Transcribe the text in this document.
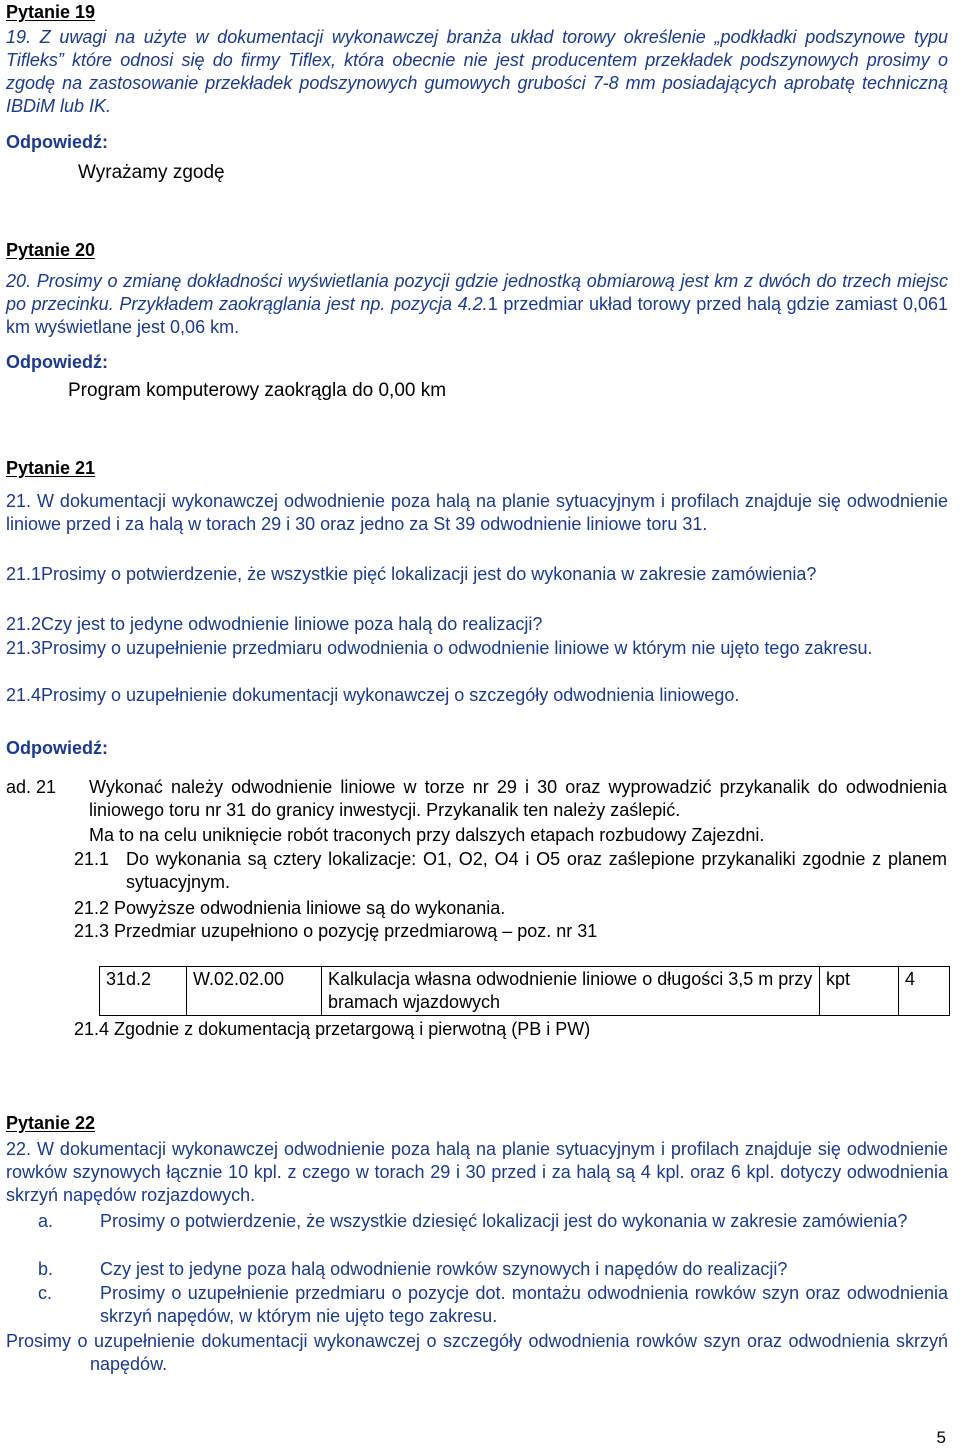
Pytanie 19
19. Z uwagi na użyte w dokumentacji wykonawczej branża układ torowy określenie „podkładki podszynowe typu Tifleks” które odnosi się do firmy Tiflex, która obecnie nie jest producentem przekładek podszynowych prosimy o zgodę na zastosowanie przekładek podszynowych gumowych grubości 7-8 mm posiadających aprobatę techniczną IBDiM lub IK.
Odpowiedź:
Wyrażamy zgodę
Pytanie 20
20. Prosimy o zmianę dokładności wyświetlania pozycji gdzie jednostką obmiarową jest km z dwóch do trzech miejsc po przecinku. Przykładem zaokrąglania jest np. pozycja 4.2.1 przedmiar układ torowy przed halą gdzie zamiast 0,061 km wyświetlane jest 0,06 km.
Odpowiedź:
Program komputerowy zaokrągla do 0,00 km
Pytanie 21
21. W dokumentacji wykonawczej odwodnienie poza halą na planie sytuacyjnym i profilach znajduje się odwodnienie liniowe przed i za halą w torach 29 i 30 oraz jedno za St 39 odwodnienie liniowe toru 31.
21.1Prosimy o potwierdzenie, że wszystkie pięć lokalizacji jest do wykonania w zakresie zamówienia?
21.2Czy jest to jedyne odwodnienie liniowe poza halą do realizacji?
21.3Prosimy o uzupełnienie przedmiaru odwodnienia o odwodnienie liniowe w którym nie ujęto tego zakresu.
21.4Prosimy o uzupełnienie dokumentacji wykonawczej o szczegóły odwodnienia liniowego.
Odpowiedź:
ad. 21 Wykonać należy odwodnienie liniowe w torze nr 29 i 30 oraz wyprowadzić przykanalik do odwodnienia liniowego toru nr 31 do granicy inwestycji. Przykanalik ten należy zaślepić.
Ma to na celu uniknięcie robót traconych przy dalszych etapach rozbudowy Zajezdni.
21.1 Do wykonania są cztery lokalizacje: O1, O2, O4 i O5 oraz zaślepione przykanaliki zgodnie z planem sytuacyjnym.
21.2 Powyższe odwodnienia liniowe są do wykonania.
21.3 Przedmiar uzupełniono o pozycję przedmiarową – poz. nr 31
31d.2	W.02.02.00	Kalkulacja własna odwodnienie liniowe o długości 3,5 m przy bramach wjazdowych	kpt	4
21.4 Zgodnie z dokumentacją przetargową i pierwotną (PB i PW)
Pytanie 22
22. W dokumentacji wykonawczej odwodnienie poza halą na planie sytuacyjnym i profilach znajduje się odwodnienie rowków szynowych łącznie 10 kpl. z czego w torach 29 i 30 przed i za halą są 4 kpl. oraz 6 kpl. dotyczy odwodnienia skrzyń napędów rozjazdowych.
a.	Prosimy o potwierdzenie, że wszystkie dziesięć lokalizacji jest do wykonania w zakresie zamówienia?
b.	Czy jest to jedyne poza halą odwodnienie rowków szynowych i napędów do realizacji?
c.	Prosimy o uzupełnienie przedmiaru o pozycje dot. montażu odwodnienia rowków szyn oraz odwodnienia skrzyń napędów, w którym nie ujęto tego zakresu.
Prosimy o uzupełnienie dokumentacji wykonawczej o szczegóły odwodnienia rowków szyn oraz odwodnienia skrzyń napędów.
5
